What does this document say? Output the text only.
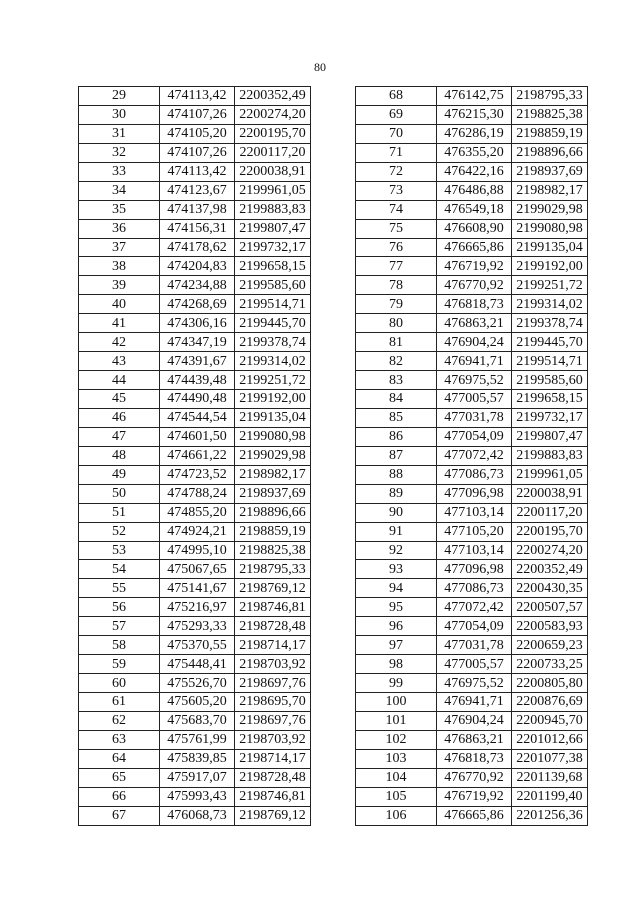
80
29	474113,42	2200352,49
30	474107,26	2200274,20
31	474105,20	2200195,70
32	474107,26	2200117,20
33	474113,42	2200038,91
34	474123,67	2199961,05
35	474137,98	2199883,83
36	474156,31	2199807,47
37	474178,62	2199732,17
38	474204,83	2199658,15
39	474234,88	2199585,60
40	474268,69	2199514,71
41	474306,16	2199445,70
42	474347,19	2199378,74
43	474391,67	2199314,02
44	474439,48	2199251,72
45	474490,48	2199192,00
46	474544,54	2199135,04
47	474601,50	2199080,98
48	474661,22	2199029,98
49	474723,52	2198982,17
50	474788,24	2198937,69
51	474855,20	2198896,66
52	474924,21	2198859,19
53	474995,10	2198825,38
54	475067,65	2198795,33
55	475141,67	2198769,12
56	475216,97	2198746,81
57	475293,33	2198728,48
58	475370,55	2198714,17
59	475448,41	2198703,92
60	475526,70	2198697,76
61	475605,20	2198695,70
62	475683,70	2198697,76
63	475761,99	2198703,92
64	475839,85	2198714,17
65	475917,07	2198728,48
66	475993,43	2198746,81
67	476068,73	2198769,12
68	476142,75	2198795,33
69	476215,30	2198825,38
70	476286,19	2198859,19
71	476355,20	2198896,66
72	476422,16	2198937,69
73	476486,88	2198982,17
74	476549,18	2199029,98
75	476608,90	2199080,98
76	476665,86	2199135,04
77	476719,92	2199192,00
78	476770,92	2199251,72
79	476818,73	2199314,02
80	476863,21	2199378,74
81	476904,24	2199445,70
82	476941,71	2199514,71
83	476975,52	2199585,60
84	477005,57	2199658,15
85	477031,78	2199732,17
86	477054,09	2199807,47
87	477072,42	2199883,83
88	477086,73	2199961,05
89	477096,98	2200038,91
90	477103,14	2200117,20
91	477105,20	2200195,70
92	477103,14	2200274,20
93	477096,98	2200352,49
94	477086,73	2200430,35
95	477072,42	2200507,57
96	477054,09	2200583,93
97	477031,78	2200659,23
98	477005,57	2200733,25
99	476975,52	2200805,80
100	476941,71	2200876,69
101	476904,24	2200945,70
102	476863,21	2201012,66
103	476818,73	2201077,38
104	476770,92	2201139,68
105	476719,92	2201199,40
106	476665,86	2201256,36
